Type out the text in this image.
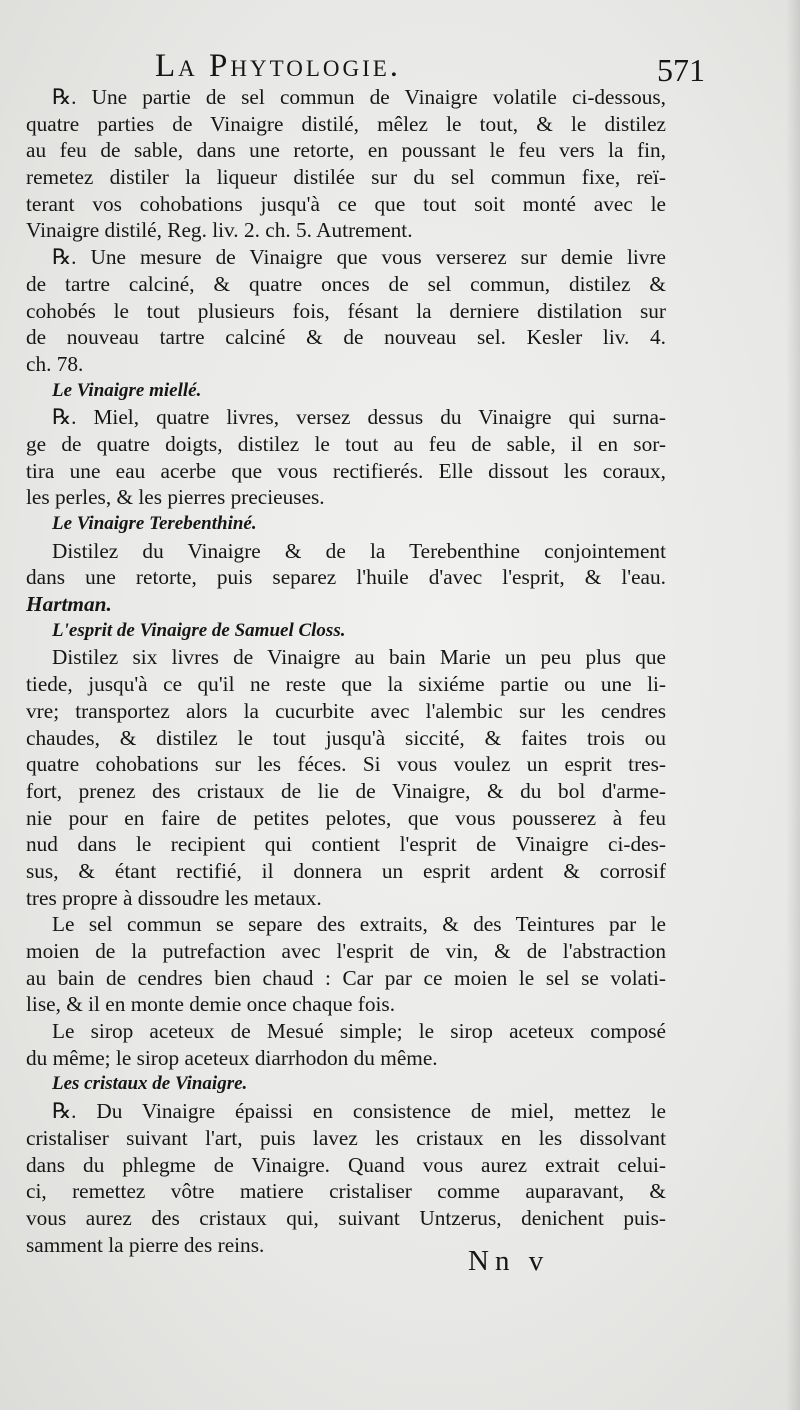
La Phytologie.	571
℞. Une partie de sel commun de Vinaigre volatile ci-dessous,
quatre parties de Vinaigre distilé, mêlez le tout, & le distilez
au feu de sable, dans une retorte, en poussant le feu vers la fin,
remetez distiler la liqueur distilée sur du sel commun fixe, reï-
terant vos cohobations jusqu'à ce que tout soit monté avec le
Vinaigre distilé, Reg. liv. 2. ch. 5. Autrement.
℞. Une mesure de Vinaigre que vous verserez sur demie livre
de tartre calciné, & quatre onces de sel commun, distilez &
cohobés le tout plusieurs fois, fésant la derniere distilation sur
de nouveau tartre calciné & de nouveau sel. Kesler liv. 4.
ch. 78.
Le Vinaigre miellé.
℞. Miel, quatre livres, versez dessus du Vinaigre qui surna-
ge de quatre doigts, distilez le tout au feu de sable, il en sor-
tira une eau acerbe que vous rectifierés. Elle dissout les coraux,
les perles, & les pierres precieuses.
Le Vinaigre Terebenthiné.
Distilez du Vinaigre & de la Terebenthine conjointement
dans une retorte, puis separez l'huile d'avec l'esprit, & l'eau.
Hartman.
L'esprit de Vinaigre de Samuel Closs.
Distilez six livres de Vinaigre au bain Marie un peu plus que
tiede, jusqu'à ce qu'il ne reste que la sixiéme partie ou une li-
vre; transportez alors la cucurbite avec l'alembic sur les cendres
chaudes, & distilez le tout jusqu'à siccité, & faites trois ou
quatre cohobations sur les féces. Si vous voulez un esprit tres-
fort, prenez des cristaux de lie de Vinaigre, & du bol d'arme-
nie pour en faire de petites pelotes, que vous pousserez à feu
nud dans le recipient qui contient l'esprit de Vinaigre ci-des-
sus, & étant rectifié, il donnera un esprit ardent & corrosif
tres propre à dissoudre les metaux.
Le sel commun se separe des extraits, & des Teintures par le
moien de la putrefaction avec l'esprit de vin, & de l'abstraction
au bain de cendres bien chaud : Car par ce moien le sel se volati-
lise, & il en monte demie once chaque fois.
Le sirop aceteux de Mesué simple; le sirop aceteux composé
du même; le sirop aceteux diarrhodon du même.
Les cristaux de Vinaigre.
℞. Du Vinaigre épaissi en consistence de miel, mettez le
cristaliser suivant l'art, puis lavez les cristaux en les dissolvant
dans du phlegme de Vinaigre. Quand vous aurez extrait celui-
ci, remettez vôtre matiere cristaliser comme auparavant, &
vous aurez des cristaux qui, suivant Untzerus, denichent puis-
samment la pierre des reins.
Nn v
